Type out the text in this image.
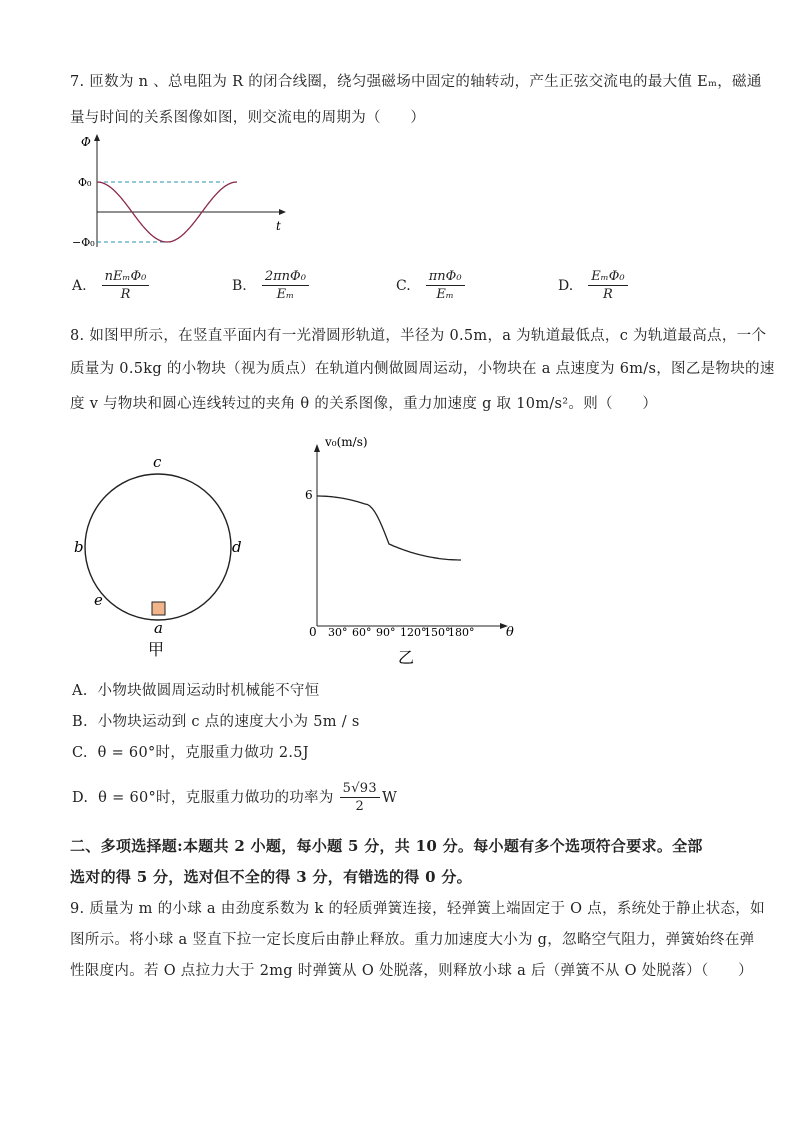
7. 匝数为 n 、总电阻为 R 的闭合线圈，绕匀强磁场中固定的轴转动，产生正弦交流电的最大值 Eₘ，磁通
量与时间的关系图像如图，则交流电的周期为（　　）
Φ
t
Φ₀
−Φ₀
A. $\frac{\text{nEₘΦ₀}}{R}$	B. $\frac{\text{2πnΦ₀}}{\text{Eₘ}}$	C. $\frac{\text{πnΦ₀}}{\text{Eₘ}}$	D. $\frac{\text{EₘΦ₀}}{R}$
8. 如图甲所示，在竖直平面内有一光滑圆形轨道，半径为 0.5m，a 为轨道最低点，c 为轨道最高点，一个
质量为 0.5kg 的小物块（视为质点）在轨道内侧做圆周运动，小物块在 a 点速度为 6m/s，图乙是物块的速
度 v 与物块和圆心连线转过的夹角 θ 的关系图像，重力加速度 g 取 10m/s²。则（　　）
c
b	d
e
a
甲
v₀(m/s)
6
0	θ
30° 60° 90° 120°
150°
180°
乙
A. 小物块做圆周运动时机械能不守恒
B. 小物块运动到 c 点的速度大小为 5m / s
C. θ = 60°时，克服重力做功 2.5J
D.
θ = 60°时，克服重力做功的功率为 $\frac{5√93}{2}$ W
二、多项选择题:本题共 2 小题，每小题 5 分，共 10 分。每小题有多个选项符合要求。全部
选对的得 5 分，选对但不全的得 3 分，有错选的得 0 分。
9. 质量为 m 的小球 a 由劲度系数为 k 的轻质弹簧连接，轻弹簧上端固定于 O 点，系统处于静止状态，如
图所示。将小球 a 竖直下拉一定长度后由静止释放。重力加速度大小为 g，忽略空气阻力，弹簧始终在弹
性限度内。若 O 点拉力大于 2mg 时弹簧从 O 处脱落，则释放小球 a 后（弹簧不从 O 处脱落）（　　）
